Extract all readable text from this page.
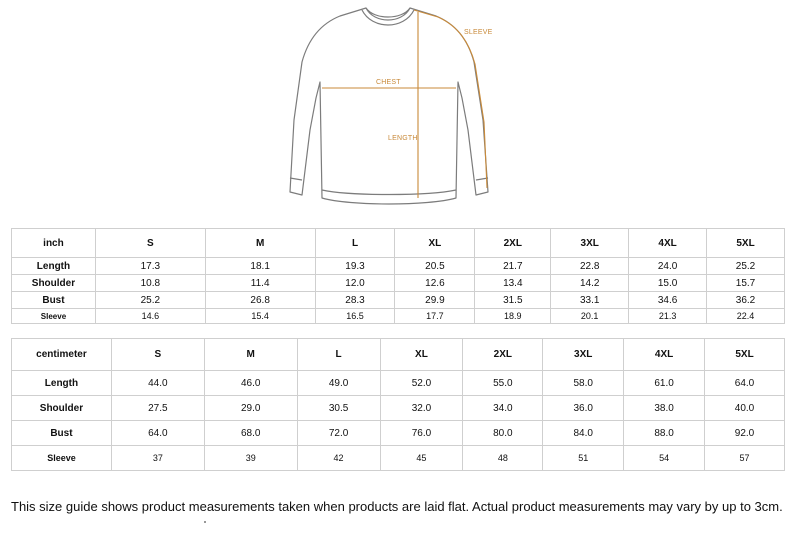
SLEEVE
CHEST
LENGTH
inch	S	M	L	XL	2XL	3XL	4XL	5XL
Length	17.3	18.1	19.3	20.5	21.7	22.8	24.0	25.2
Shoulder	10.8	11.4	12.0	12.6	13.4	14.2	15.0	15.7
Bust	25.2	26.8	28.3	29.9	31.5	33.1	34.6	36.2
Sleeve	14.6	15.4	16.5	17.7	18.9	20.1	21.3	22.4
centimeter	S	M	L	XL	2XL	3XL	4XL	5XL
Length	44.0	46.0	49.0	52.0	55.0	58.0	61.0	64.0
Shoulder	27.5	29.0	30.5	32.0	34.0	36.0	38.0	40.0
Bust	64.0	68.0	72.0	76.0	80.0	84.0	88.0	92.0
Sleeve	37	39	42	45	48	51	54	57
This size guide shows product measurements taken when products are laid flat. Actual product measurements may vary by up to 3cm.
